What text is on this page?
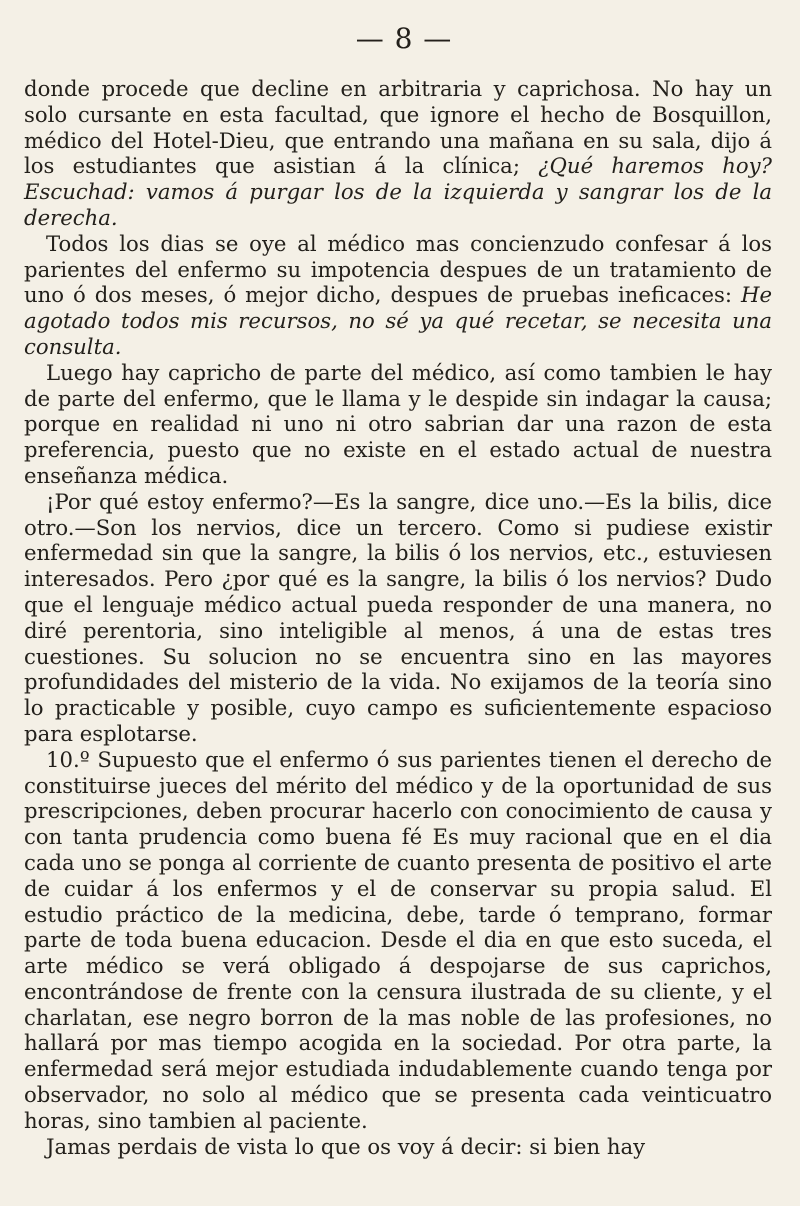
— 8 —

donde procede que decline en arbitraria y caprichosa. No hay un solo cursante en esta facultad, que ignore el hecho de Bosquillon, médico del Hotel-Dieu, que entrando una mañana en su sala, dijo á los estudiantes que asistian á la clínica; ¿Qué haremos hoy? Escuchad: vamos á purgar los de la izquierda y sangrar los de la derecha.

Todos los dias se oye al médico mas concienzudo confesar á los parientes del enfermo su impotencia despues de un tratamiento de uno ó dos meses, ó mejor dicho, despues de pruebas ineficaces: He agotado todos mis recursos, no sé ya qué recetar, se necesita una consulta.

Luego hay capricho de parte del médico, así como tambien le hay de parte del enfermo, que le llama y le despide sin indagar la causa; porque en realidad ni uno ni otro sabrian dar una razon de esta preferencia, puesto que no existe en el estado actual de nuestra enseñanza médica.

¡Por qué estoy enfermo?—Es la sangre, dice uno.—Es la bilis, dice otro.—Son los nervios, dice un tercero. Como si pudiese existir enfermedad sin que la sangre, la bilis ó los nervios, etc., estuviesen interesados. Pero ¿por qué es la sangre, la bilis ó los nervios? Dudo que el lenguaje médico actual pueda responder de una manera, no diré perentoria, sino inteligible al menos, á una de estas tres cuestiones. Su solucion no se encuentra sino en las mayores profundidades del misterio de la vida. No exijamos de la teoría sino lo practicable y posible, cuyo campo es suficientemente espacioso para esplotarse.

10.º Supuesto que el enfermo ó sus parientes tienen el derecho de constituirse jueces del mérito del médico y de la oportunidad de sus prescripciones, deben procurar hacerlo con conocimiento de causa y con tanta prudencia como buena fé Es muy racional que en el dia cada uno se ponga al corriente de cuanto presenta de positivo el arte de cuidar á los enfermos y el de conservar su propia salud. El estudio práctico de la medicina, debe, tarde ó temprano, formar parte de toda buena educacion. Desde el dia en que esto suceda, el arte médico se verá obligado á despojarse de sus caprichos, encontrándose de frente con la censura ilustrada de su cliente, y el charlatan, ese negro borron de la mas noble de las profesiones, no hallará por mas tiempo acogida en la sociedad. Por otra parte, la enfermedad será mejor estudiada indudablemente cuando tenga por observador, no solo al médico que se presenta cada veinticuatro horas, sino tambien al paciente.

Jamas perdais de vista lo que os voy á decir: si bien hay
